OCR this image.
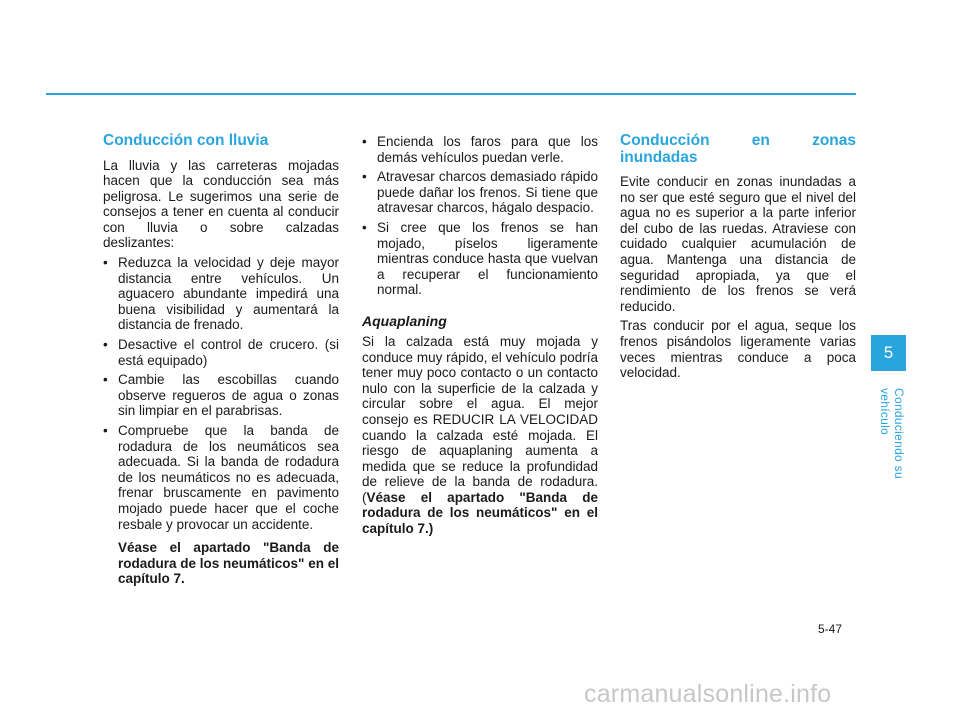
Conducción con lluvia

La lluvia y las carreteras mojadas hacen que la conducción sea más peligrosa. Le sugerimos una serie de consejos a tener en cuenta al conducir con lluvia o sobre calzadas deslizantes:

• Reduzca la velocidad y deje mayor distancia entre vehículos. Un aguacero abundante impedirá una buena visibilidad y aumentará la distancia de frenado.
• Desactive el control de crucero. (si está equipado)
• Cambie las escobillas cuando observe regueros de agua o zonas sin limpiar en el parabrisas.
• Compruebe que la banda de rodadura de los neumáticos sea adecuada. Si la banda de rodadura de los neumáticos no es adecuada, frenar bruscamente en pavimento mojado puede hacer que el coche resbale y provocar un accidente.
Véase el apartado "Banda de rodadura de los neumáticos" en el capítulo 7.
• Encienda los faros para que los demás vehículos puedan verle.
• Atravesar charcos demasiado rápido puede dañar los frenos. Si tiene que atravesar charcos, hágalo despacio.
• Si cree que los frenos se han mojado, píselos ligeramente mientras conduce hasta que vuelvan a recuperar el funcionamiento normal.
Aquaplaning

Si la calzada está muy mojada y conduce muy rápido, el vehículo podría tener muy poco contacto o un contacto nulo con la superficie de la calzada y circular sobre el agua. El mejor consejo es REDUCIR LA VELOCIDAD cuando la calzada esté mojada. El riesgo de aquaplaning aumenta a medida que se reduce la profundidad de relieve de la banda de rodadura. (Véase el apartado "Banda de rodadura de los neumáticos" en el capítulo 7.)

Conducción en zonas inundadas

Evite conducir en zonas inundadas a no ser que esté seguro que el nivel del agua no es superior a la parte inferior del cubo de las ruedas. Atraviese con cuidado cualquier acumulación de agua. Mantenga una distancia de seguridad apropiada, ya que el rendimiento de los frenos se verá reducido.

Tras conducir por el agua, seque los frenos pisándolos ligeramente varias veces mientras conduce a poca velocidad.

5
Conduciendo su vehículo
5-47
carmanualsonline.info
